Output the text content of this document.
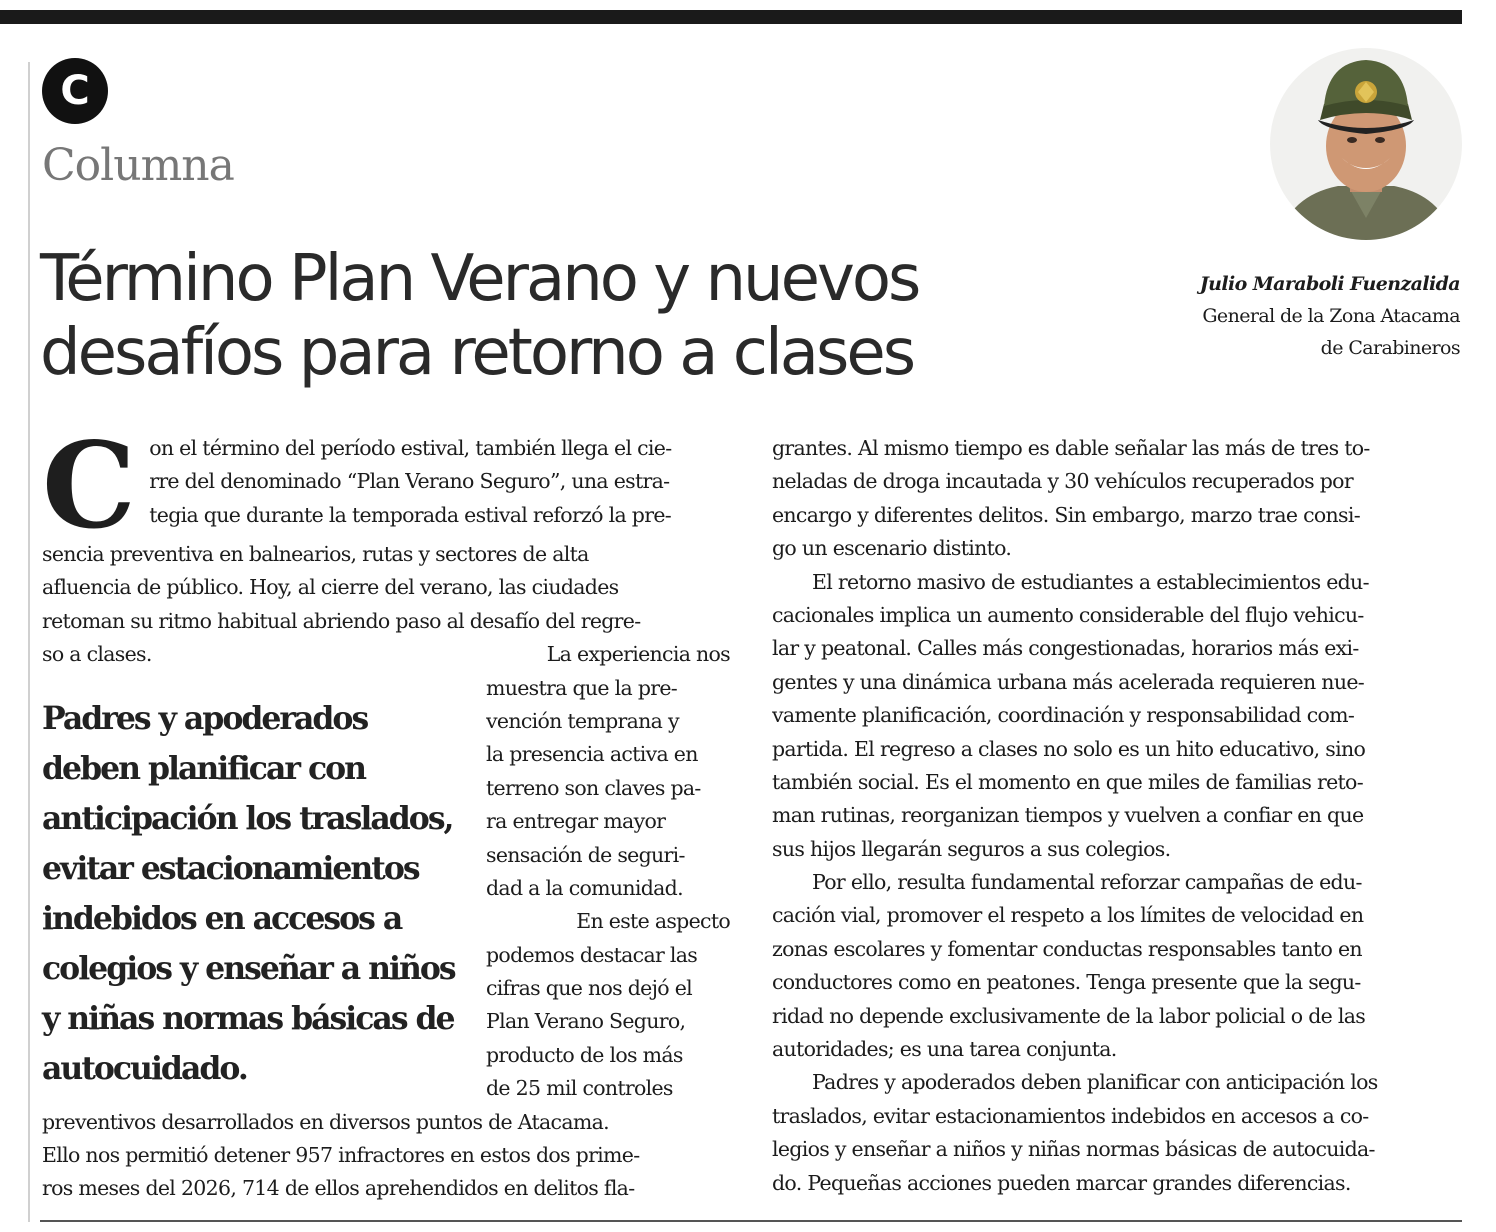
C
Columna
Término Plan Verano y nuevos
desafíos para retorno a clases
Julio Maraboli Fuenzalida
General de la Zona Atacama
de Carabineros
C on el término del período estival, también llega el cie-
rre del denominado “Plan Verano Seguro”, una estra-
tegia que durante la temporada estival reforzó la pre-
sencia preventiva en balnearios, rutas y sectores de alta
afluencia de público. Hoy, al cierre del verano, las ciudades
retoman su ritmo habitual abriendo paso al desafío del regre-
so a clases.	La experiencia nos
Padres y apoderados
deben planificar con
anticipación los traslados,
evitar estacionamientos
indebidos en accesos a
colegios y enseñar a niños
y niñas normas básicas de
autocuidado.
muestra que la pre-
vención temprana y
la presencia activa en
terreno son claves pa-
ra entregar mayor
sensación de seguri-
dad a la comunidad.
En este aspecto
podemos destacar las
cifras que nos dejó el
Plan Verano Seguro,
producto de los más
de 25 mil controles
preventivos desarrollados en diversos puntos de Atacama.
Ello nos permitió detener 957 infractores en estos dos prime-
ros meses del 2026, 714 de ellos aprehendidos en delitos fla-
grantes. Al mismo tiempo es dable señalar las más de tres to-
neladas de droga incautada y 30 vehículos recuperados por
encargo y diferentes delitos. Sin embargo, marzo trae consi-
go un escenario distinto.
El retorno masivo de estudiantes a establecimientos edu-
cacionales implica un aumento considerable del flujo vehicu-
lar y peatonal. Calles más congestionadas, horarios más exi-
gentes y una dinámica urbana más acelerada requieren nue-
vamente planificación, coordinación y responsabilidad com-
partida. El regreso a clases no solo es un hito educativo, sino
también social. Es el momento en que miles de familias reto-
man rutinas, reorganizan tiempos y vuelven a confiar en que
sus hijos llegarán seguros a sus colegios.
Por ello, resulta fundamental reforzar campañas de edu-
cación vial, promover el respeto a los límites de velocidad en
zonas escolares y fomentar conductas responsables tanto en
conductores como en peatones. Tenga presente que la segu-
ridad no depende exclusivamente de la labor policial o de las
autoridades; es una tarea conjunta.
Padres y apoderados deben planificar con anticipación los
traslados, evitar estacionamientos indebidos en accesos a co-
legios y enseñar a niños y niñas normas básicas de autocuida-
do. Pequeñas acciones pueden marcar grandes diferencias.
